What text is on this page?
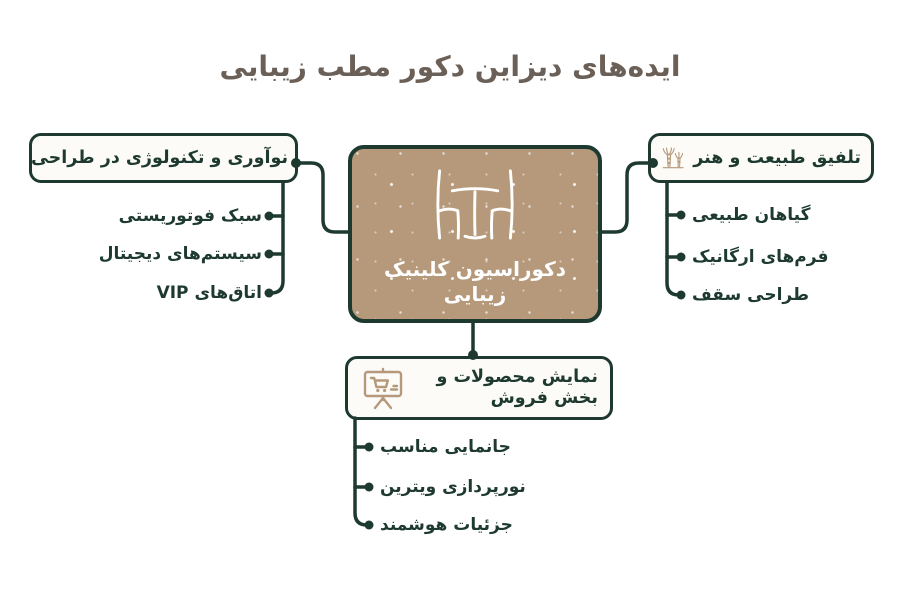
ایده‌های دیزاین دکور مطب زیبایی
دکوراسیون کلینیک زیبایی
نوآوری و تکنولوژی در طراحی	تلفیق طبیعت و هنر
نمایش محصولات و بخش فروش
سبک فوتوریستی
سیستم‌های دیجیتال
اتاق‌های VIP
گیاهان طبیعی
فرم‌های ارگانیک
طراحی سقف
جانمایی مناسب
نورپردازی ویترین
جزئیات هوشمند
